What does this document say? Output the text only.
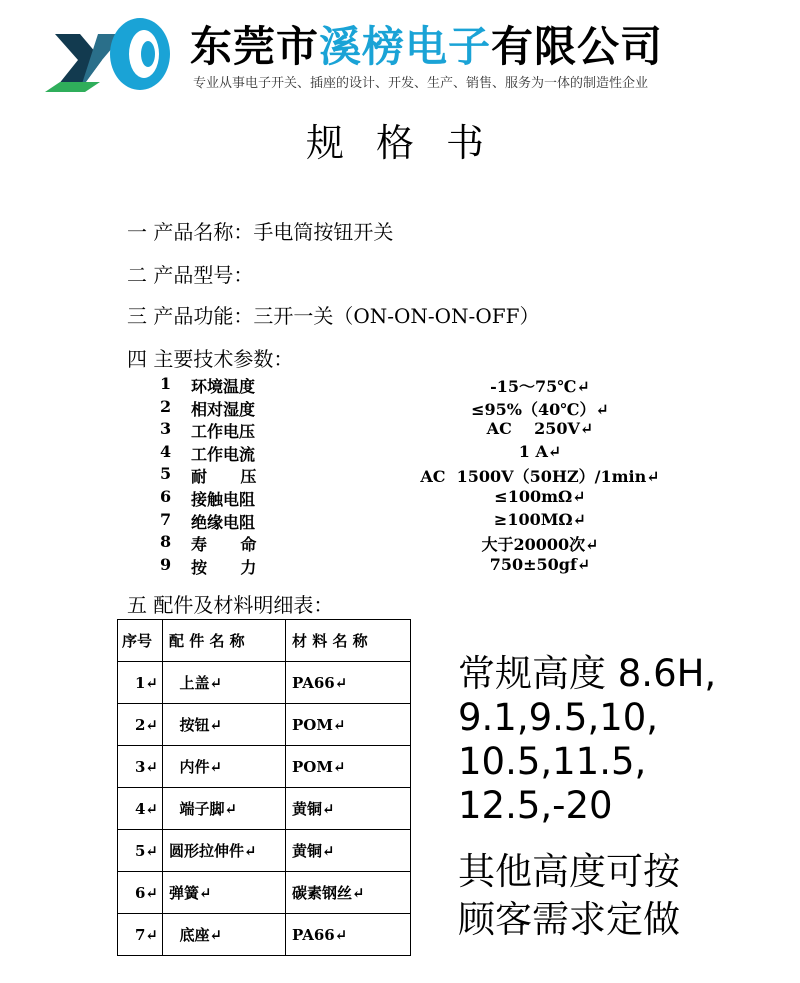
东莞市溪榜电子有限公司
专业从事电子开关、插座的设计、开发、生产、销售、服务为一体的制造性企业
规格书
一 产品名称：手电筒按钮开关
二 产品型号：
三 产品功能：三开一关（ON-ON-ON-OFF）
四 主要技术参数：
1 环境温度	-15～75℃↵
2 相对湿度	≤95%（40℃）↵
3 工作电压	AC    250V↵
4 工作电流	1 A↵
5 耐      压	AC  1500V（50HZ）/1min↵
6 接触电阻	≤100mΩ↵
7 绝缘电阻	≥100MΩ↵
8 寿      命	大于20000次↵
9 按      力	750±50gf↵
五 配件及材料明细表：
序号	配 件 名 称	材 料 名 称
1↵	上盖↵	PA66↵
2↵	按钮↵	POM↵
3↵	内件↵	POM↵
4↵	端子脚↵	黄铜↵
5↵	圆形拉伸件↵	黄铜↵
6↵	弹簧↵	碳素钢丝↵
7↵	底座↵	PA66↵
常规高度 8.6H,
9.1,9.5,10,
10.5,11.5,
12.5,-20
其他高度可按
顾客需求定做
